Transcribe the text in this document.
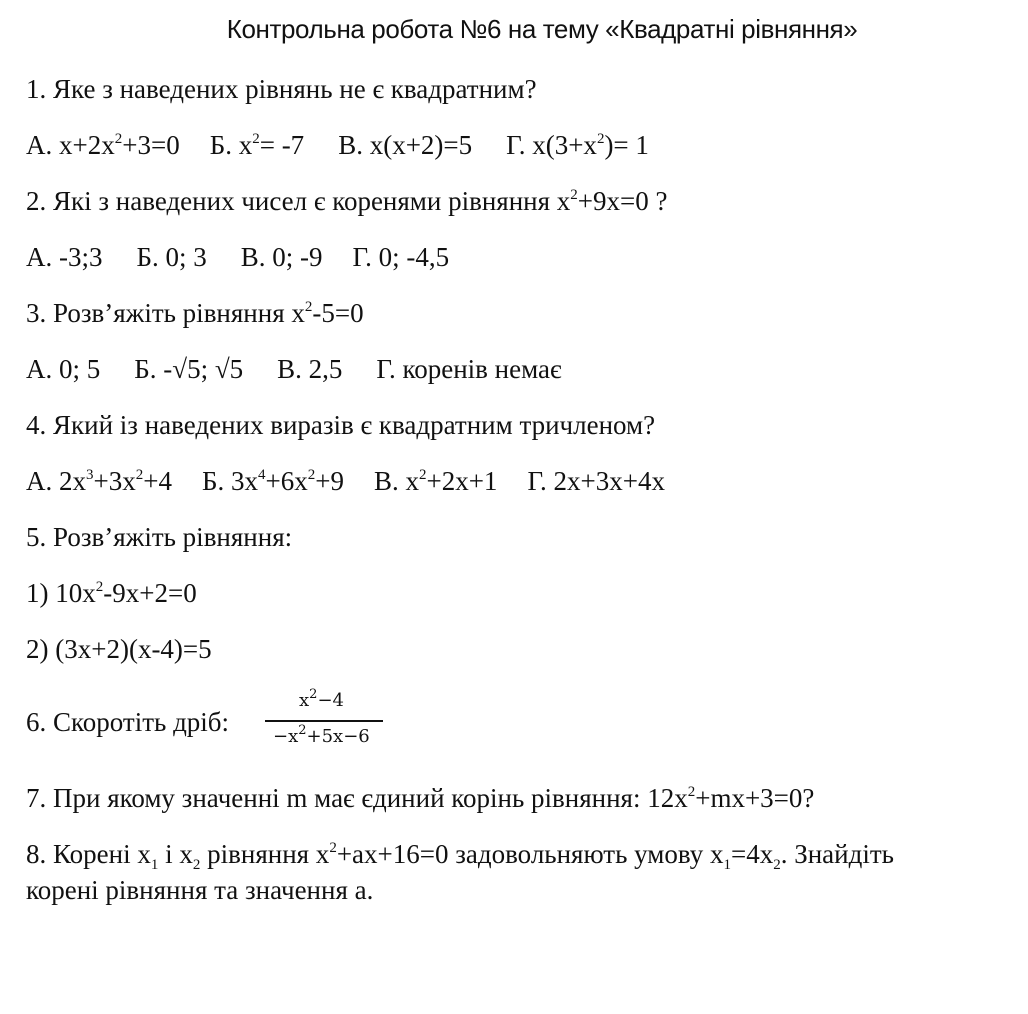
Контрольна робота №6 на тему «Квадратні рівняння»
1. Яке з наведених рівнянь не є квадратним?
А. $х+2х^2+3=0$ Б. $х^2= -7$ В. х(х+2)=5 Г. $х(3+х^2)= 1$
2. Які з наведених чисел є коренями рівняння $х^2+9х=0$ ?
А. -3;3 Б. 0; 3 В. 0; -9 Г. 0; -4,5
3. Розв’яжіть рівняння $х^2-5=0$
А. 0; 5 Б. -√5; √5 В. 2,5 Г. коренів немає
4. Який із наведених виразів є квадратним тричленом?
А. $2х^3+3х^2+4$ Б. $3х^4+6х^2+9$ В. $х^2+2х+1$ Г. 2х+3х+4х
5. Розв’яжіть рівняння:
1) $10х^2-9х+2=0$
2) (3х+2)(х-4)=5
6. Скоротіть дріб:
$x^2-4$
$-x^2+5x-6$
7. При якому значенні m має єдиний корінь рівняння: $12х^2+mх+3=0$?
8. Корені $х_1$ і $х_2$ рівняння $х^2+ах+16=0$ задовольняють умову $х_1=4х_2$. Знайдіть
корені рівняння та значення а.
